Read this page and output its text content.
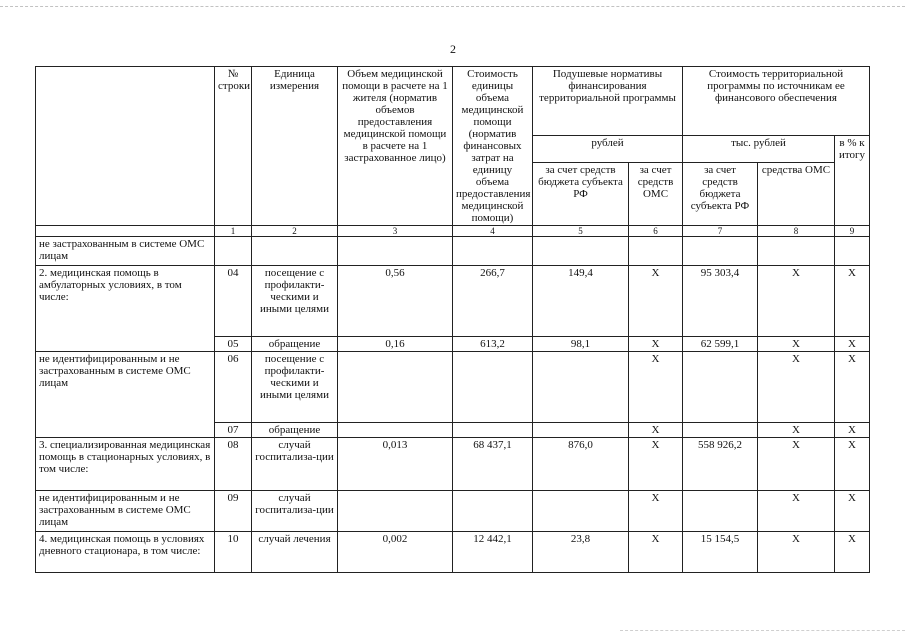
2
	№ строки	Единица измерения	Объем медицинской помощи в расчете на 1 жителя (норматив объемов предоставления медицинской помощи в расчете на 1 застрахованное лицо)	Стоимость единицы объема медицинской помощи (норматив финансовых затрат на единицу объема предоставления медицинской помощи)	Подушевые нормативы финансирования территориальной программы		Стоимость территориальной программы по источникам ее финансового обеспечения		
					рублей		тыс. рублей		в % к итогу
					за счет средств бюджета субъекта РФ	за счет средств ОМС	за счет средств бюджета субъекта РФ	средства ОМС	
	1	2	3	4	5	6	7	8	9
не застрахованным в системе ОМС лицам									
2. медицинская помощь в амбулаторных условиях, в том числе:	04	посещение с профилакти-ческими и иными целями	0,56	266,7	149,4	X	95 303,4	X	X
	05	обращение	0,16	613,2	98,1	X	62 599,1	X	X
не идентифицированным и не застрахованным в системе ОМС лицам	06	посещение с профилакти-ческими и иными целями				X		X	X
	07	обращение				X		X	X
3. специализированная медицинская помощь в стационарных условиях, в том числе:	08	случай госпитализа-ции	0,013	68 437,1	876,0	X	558 926,2	X	X
не идентифицированным и не застрахованным в системе ОМС лицам	09	случай госпитализа-ции				X		X	X
4. медицинская помощь в условиях дневного стационара, в том числе:	10	случай лечения	0,002	12 442,1	23,8	X	15 154,5	X	X
